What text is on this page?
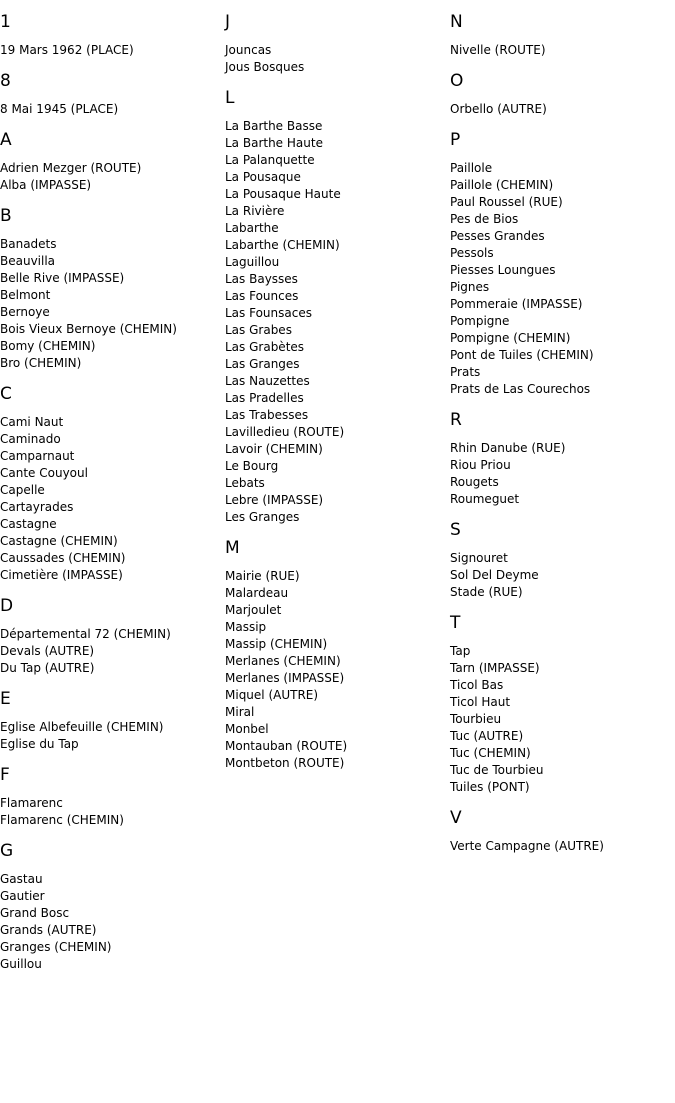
1
19 Mars 1962 (PLACE)
8
8 Mai 1945 (PLACE)
A
Adrien Mezger (ROUTE)
Alba (IMPASSE)
B
Banadets
Beauvilla
Belle Rive (IMPASSE)
Belmont
Bernoye
Bois Vieux Bernoye (CHEMIN)
Bomy (CHEMIN)
Bro (CHEMIN)
C
Cami Naut
Caminado
Camparnaut
Cante Couyoul
Capelle
Cartayrades
Castagne
Castagne (CHEMIN)
Caussades (CHEMIN)
Cimetière (IMPASSE)
D
Départemental 72 (CHEMIN)
Devals (AUTRE)
Du Tap (AUTRE)
E
Eglise Albefeuille (CHEMIN)
Eglise du Tap
F
Flamarenc
Flamarenc (CHEMIN)
G
Gastau
Gautier
Grand Bosc
Grands (AUTRE)
Granges (CHEMIN)
Guillou
J
Jouncas
Jous Bosques
L
La Barthe Basse
La Barthe Haute
La Palanquette
La Pousaque
La Pousaque Haute
La Rivière
Labarthe
Labarthe (CHEMIN)
Laguillou
Las Baysses
Las Founces
Las Founsaces
Las Grabes
Las Grabètes
Las Granges
Las Nauzettes
Las Pradelles
Las Trabesses
Lavilledieu (ROUTE)
Lavoir (CHEMIN)
Le Bourg
Lebats
Lebre (IMPASSE)
Les Granges
M
Mairie (RUE)
Malardeau
Marjoulet
Massip
Massip (CHEMIN)
Merlanes (CHEMIN)
Merlanes (IMPASSE)
Miquel (AUTRE)
Miral
Monbel
Montauban (ROUTE)
Montbeton (ROUTE)
N
Nivelle (ROUTE)
O
Orbello (AUTRE)
P
Paillole
Paillole (CHEMIN)
Paul Roussel (RUE)
Pes de Bios
Pesses Grandes
Pessols
Piesses Loungues
Pignes
Pommeraie (IMPASSE)
Pompigne
Pompigne (CHEMIN)
Pont de Tuiles (CHEMIN)
Prats
Prats de Las Courechos
R
Rhin Danube (RUE)
Riou Priou
Rougets
Roumeguet
S
Signouret
Sol Del Deyme
Stade (RUE)
T
Tap
Tarn (IMPASSE)
Ticol Bas
Ticol Haut
Tourbieu
Tuc (AUTRE)
Tuc (CHEMIN)
Tuc de Tourbieu
Tuiles (PONT)
V
Verte Campagne (AUTRE)
